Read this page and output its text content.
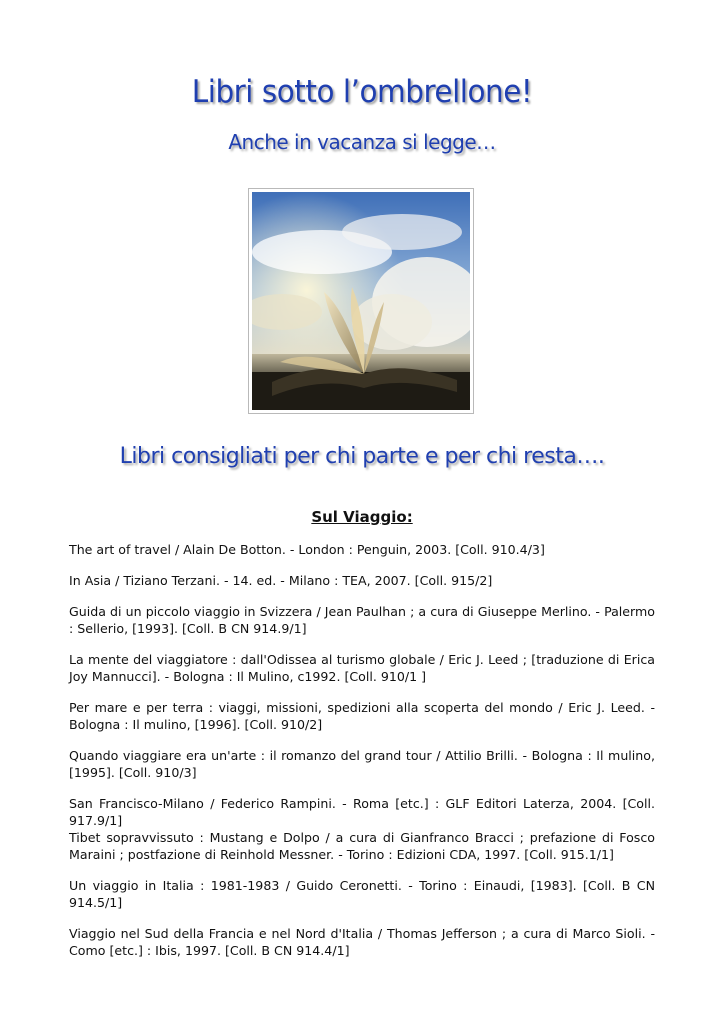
Libri sotto l’ombrellone!
Anche in vacanza si legge…
Libri consigliati per chi parte e per chi resta….
Sul Viaggio:
The art of travel / Alain De Botton. - London : Penguin, 2003. [Coll. 910.4/3]
In Asia / Tiziano Terzani. - 14. ed. - Milano : TEA, 2007. [Coll. 915/2]
Guida di un piccolo viaggio in Svizzera / Jean Paulhan ; a cura di Giuseppe Merlino. - Palermo : Sellerio, [1993]. [Coll. B CN 914.9/1]
La mente del viaggiatore : dall'Odissea al turismo globale / Eric J. Leed ; [traduzione di Erica Joy Mannucci]. - Bologna : Il Mulino, c1992. [Coll. 910/1 ]
Per mare e per terra : viaggi, missioni, spedizioni alla scoperta del mondo / Eric J. Leed. - Bologna : Il mulino, [1996]. [Coll. 910/2]
Quando viaggiare era un'arte : il romanzo del grand tour / Attilio Brilli. - Bologna : Il mulino, [1995]. [Coll. 910/3]
San Francisco-Milano / Federico Rampini. - Roma [etc.] : GLF Editori Laterza, 2004. [Coll. 917.9/1]
Tibet sopravvissuto : Mustang e Dolpo / a cura di Gianfranco Bracci ; prefazione di Fosco Maraini ; postfazione di Reinhold Messner. - Torino : Edizioni CDA, 1997. [Coll. 915.1/1]
Un viaggio in Italia : 1981-1983 / Guido Ceronetti. - Torino : Einaudi, [1983]. [Coll. B CN 914.5/1]
Viaggio nel Sud della Francia e nel Nord d'Italia / Thomas Jefferson ; a cura di Marco Sioli. - Como [etc.] : Ibis, 1997. [Coll. B CN 914.4/1]
